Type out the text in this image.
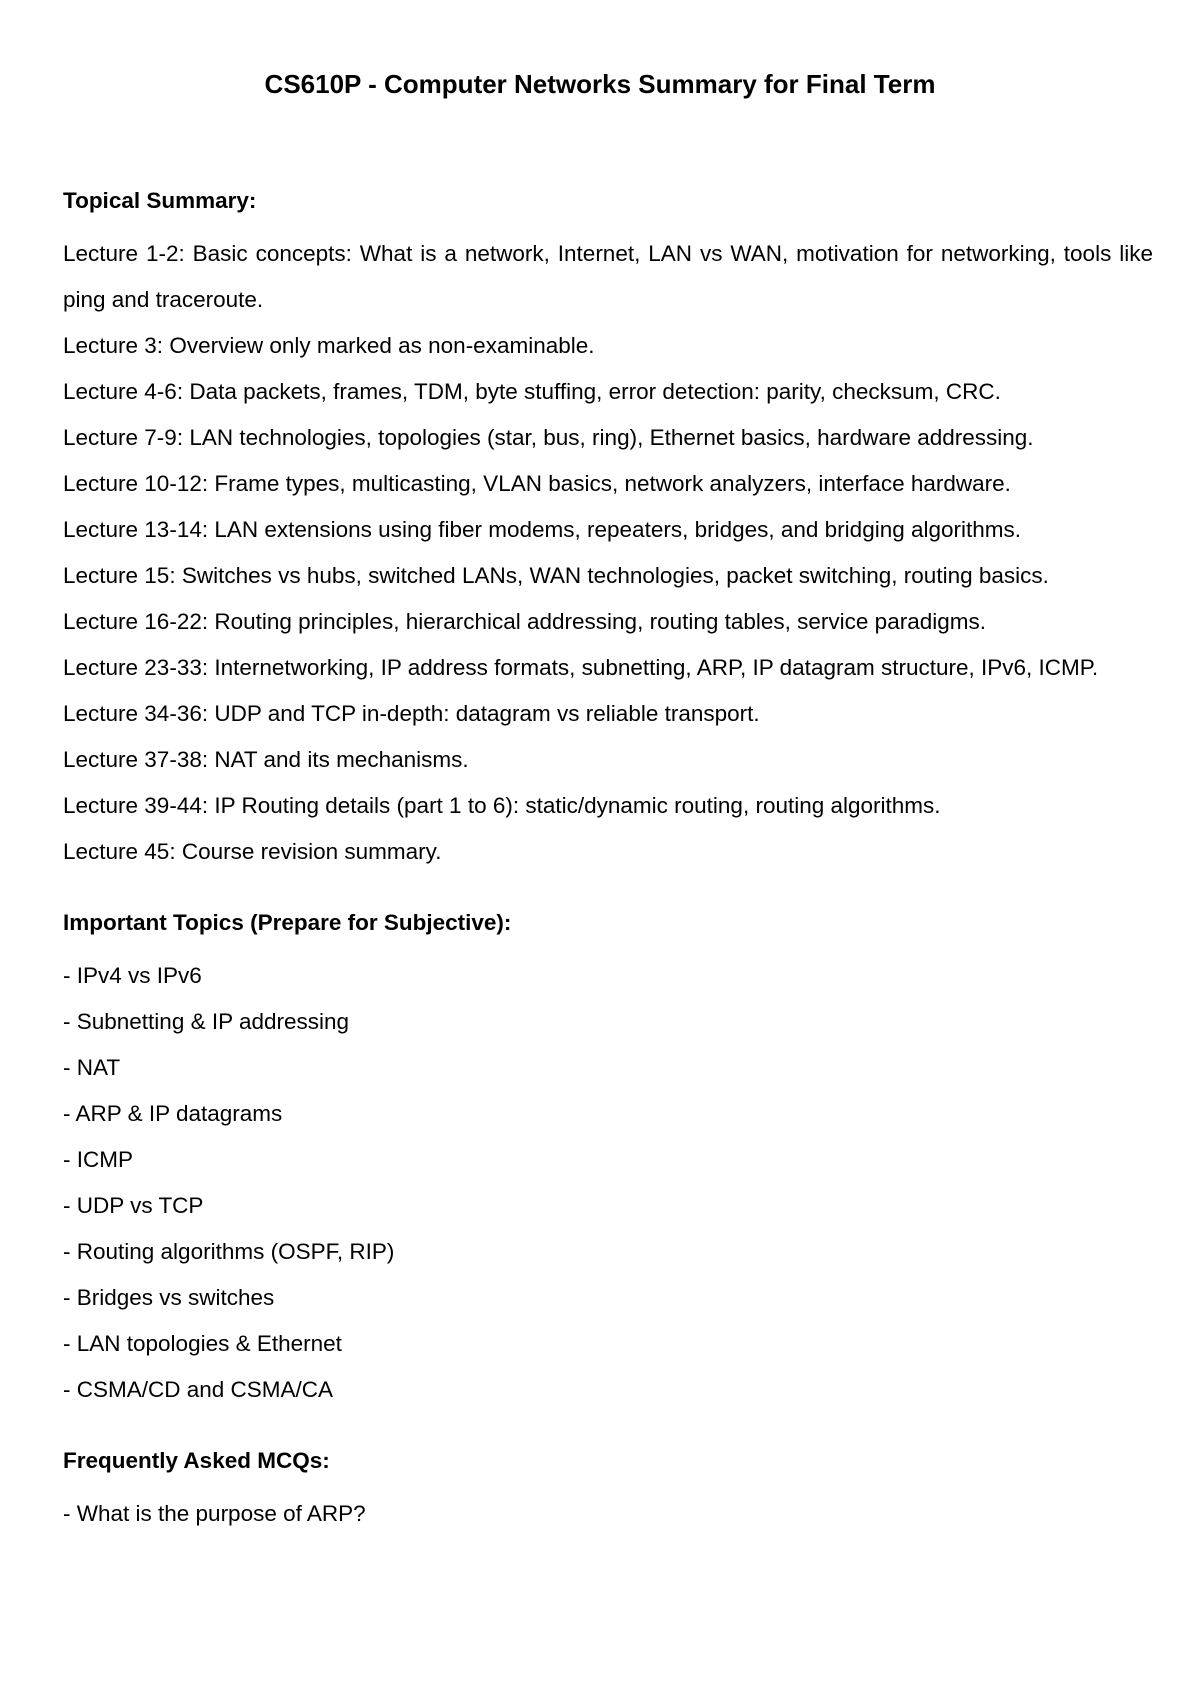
CS610P - Computer Networks Summary for Final Term
Topical Summary:
Lecture 1-2: Basic concepts: What is a network, Internet, LAN vs WAN, motivation for networking, tools like ping and traceroute.
Lecture 3: Overview only marked as non-examinable.
Lecture 4-6: Data packets, frames, TDM, byte stuffing, error detection: parity, checksum, CRC.
Lecture 7-9: LAN technologies, topologies (star, bus, ring), Ethernet basics, hardware addressing.
Lecture 10-12: Frame types, multicasting, VLAN basics, network analyzers, interface hardware.
Lecture 13-14: LAN extensions using fiber modems, repeaters, bridges, and bridging algorithms.
Lecture 15: Switches vs hubs, switched LANs, WAN technologies, packet switching, routing basics.
Lecture 16-22: Routing principles, hierarchical addressing, routing tables, service paradigms.
Lecture 23-33: Internetworking, IP address formats, subnetting, ARP, IP datagram structure, IPv6, ICMP.
Lecture 34-36: UDP and TCP in-depth: datagram vs reliable transport.
Lecture 37-38: NAT and its mechanisms.
Lecture 39-44: IP Routing details (part 1 to 6): static/dynamic routing, routing algorithms.
Lecture 45: Course revision summary.
Important Topics (Prepare for Subjective):
- IPv4 vs IPv6
- Subnetting & IP addressing
- NAT
- ARP & IP datagrams
- ICMP
- UDP vs TCP
- Routing algorithms (OSPF, RIP)
- Bridges vs switches
- LAN topologies & Ethernet
- CSMA/CD and CSMA/CA
Frequently Asked MCQs:
- What is the purpose of ARP?
